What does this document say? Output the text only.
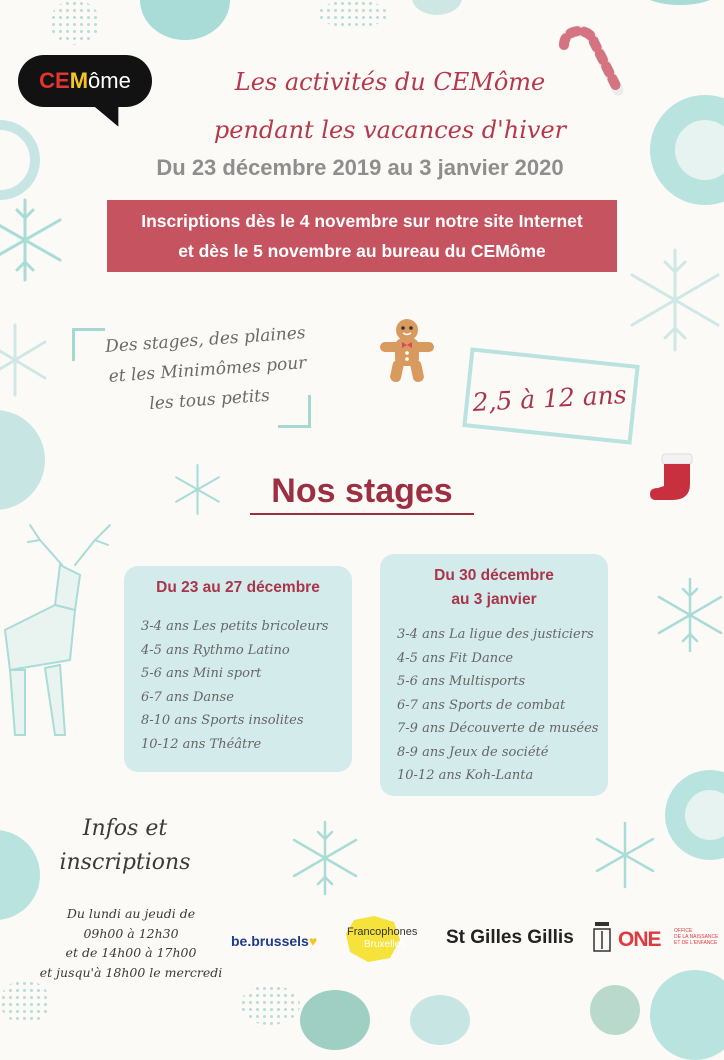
CE M ôme	Les activités du CEMôme
pendant les vacances d'hiver
Du 23 décembre 2019 au 3 janvier 2020
Inscriptions dès le 4 novembre sur notre site Internet
et dès le 5 novembre au bureau du CEMôme
Des stages, des plaines
et les Minimômes pour
les tous petits	2,5 à 12 ans
Nos stages
Du 23 au 27 décembre
3-4 ans Les petits bricoleurs
4-5 ans Rythmo Latino
5-6 ans Mini sport
6-7 ans Danse
8-10 ans Sports insolites
10-12 ans Théâtre
Du 30 décembre
au 3 janvier
3-4 ans La ligue des justiciers
4-5 ans Fit Dance
5-6 ans Multisports
6-7 ans Sports de combat
7-9 ans Découverte de musées
8-9 ans Jeux de société
10-12 ans Koh-Lanta
Infos et
inscriptions
Du lundi au jeudi de
09h00 à 12h30
et de 14h00 à 17h00
et jusqu'à 18h00 le mercredi
be.brussels♥
Francophones
Bruxelles St Gilles Gillis ONE	OFFICE
DE LA NAISSANCE
ET DE L'ENFANCE
